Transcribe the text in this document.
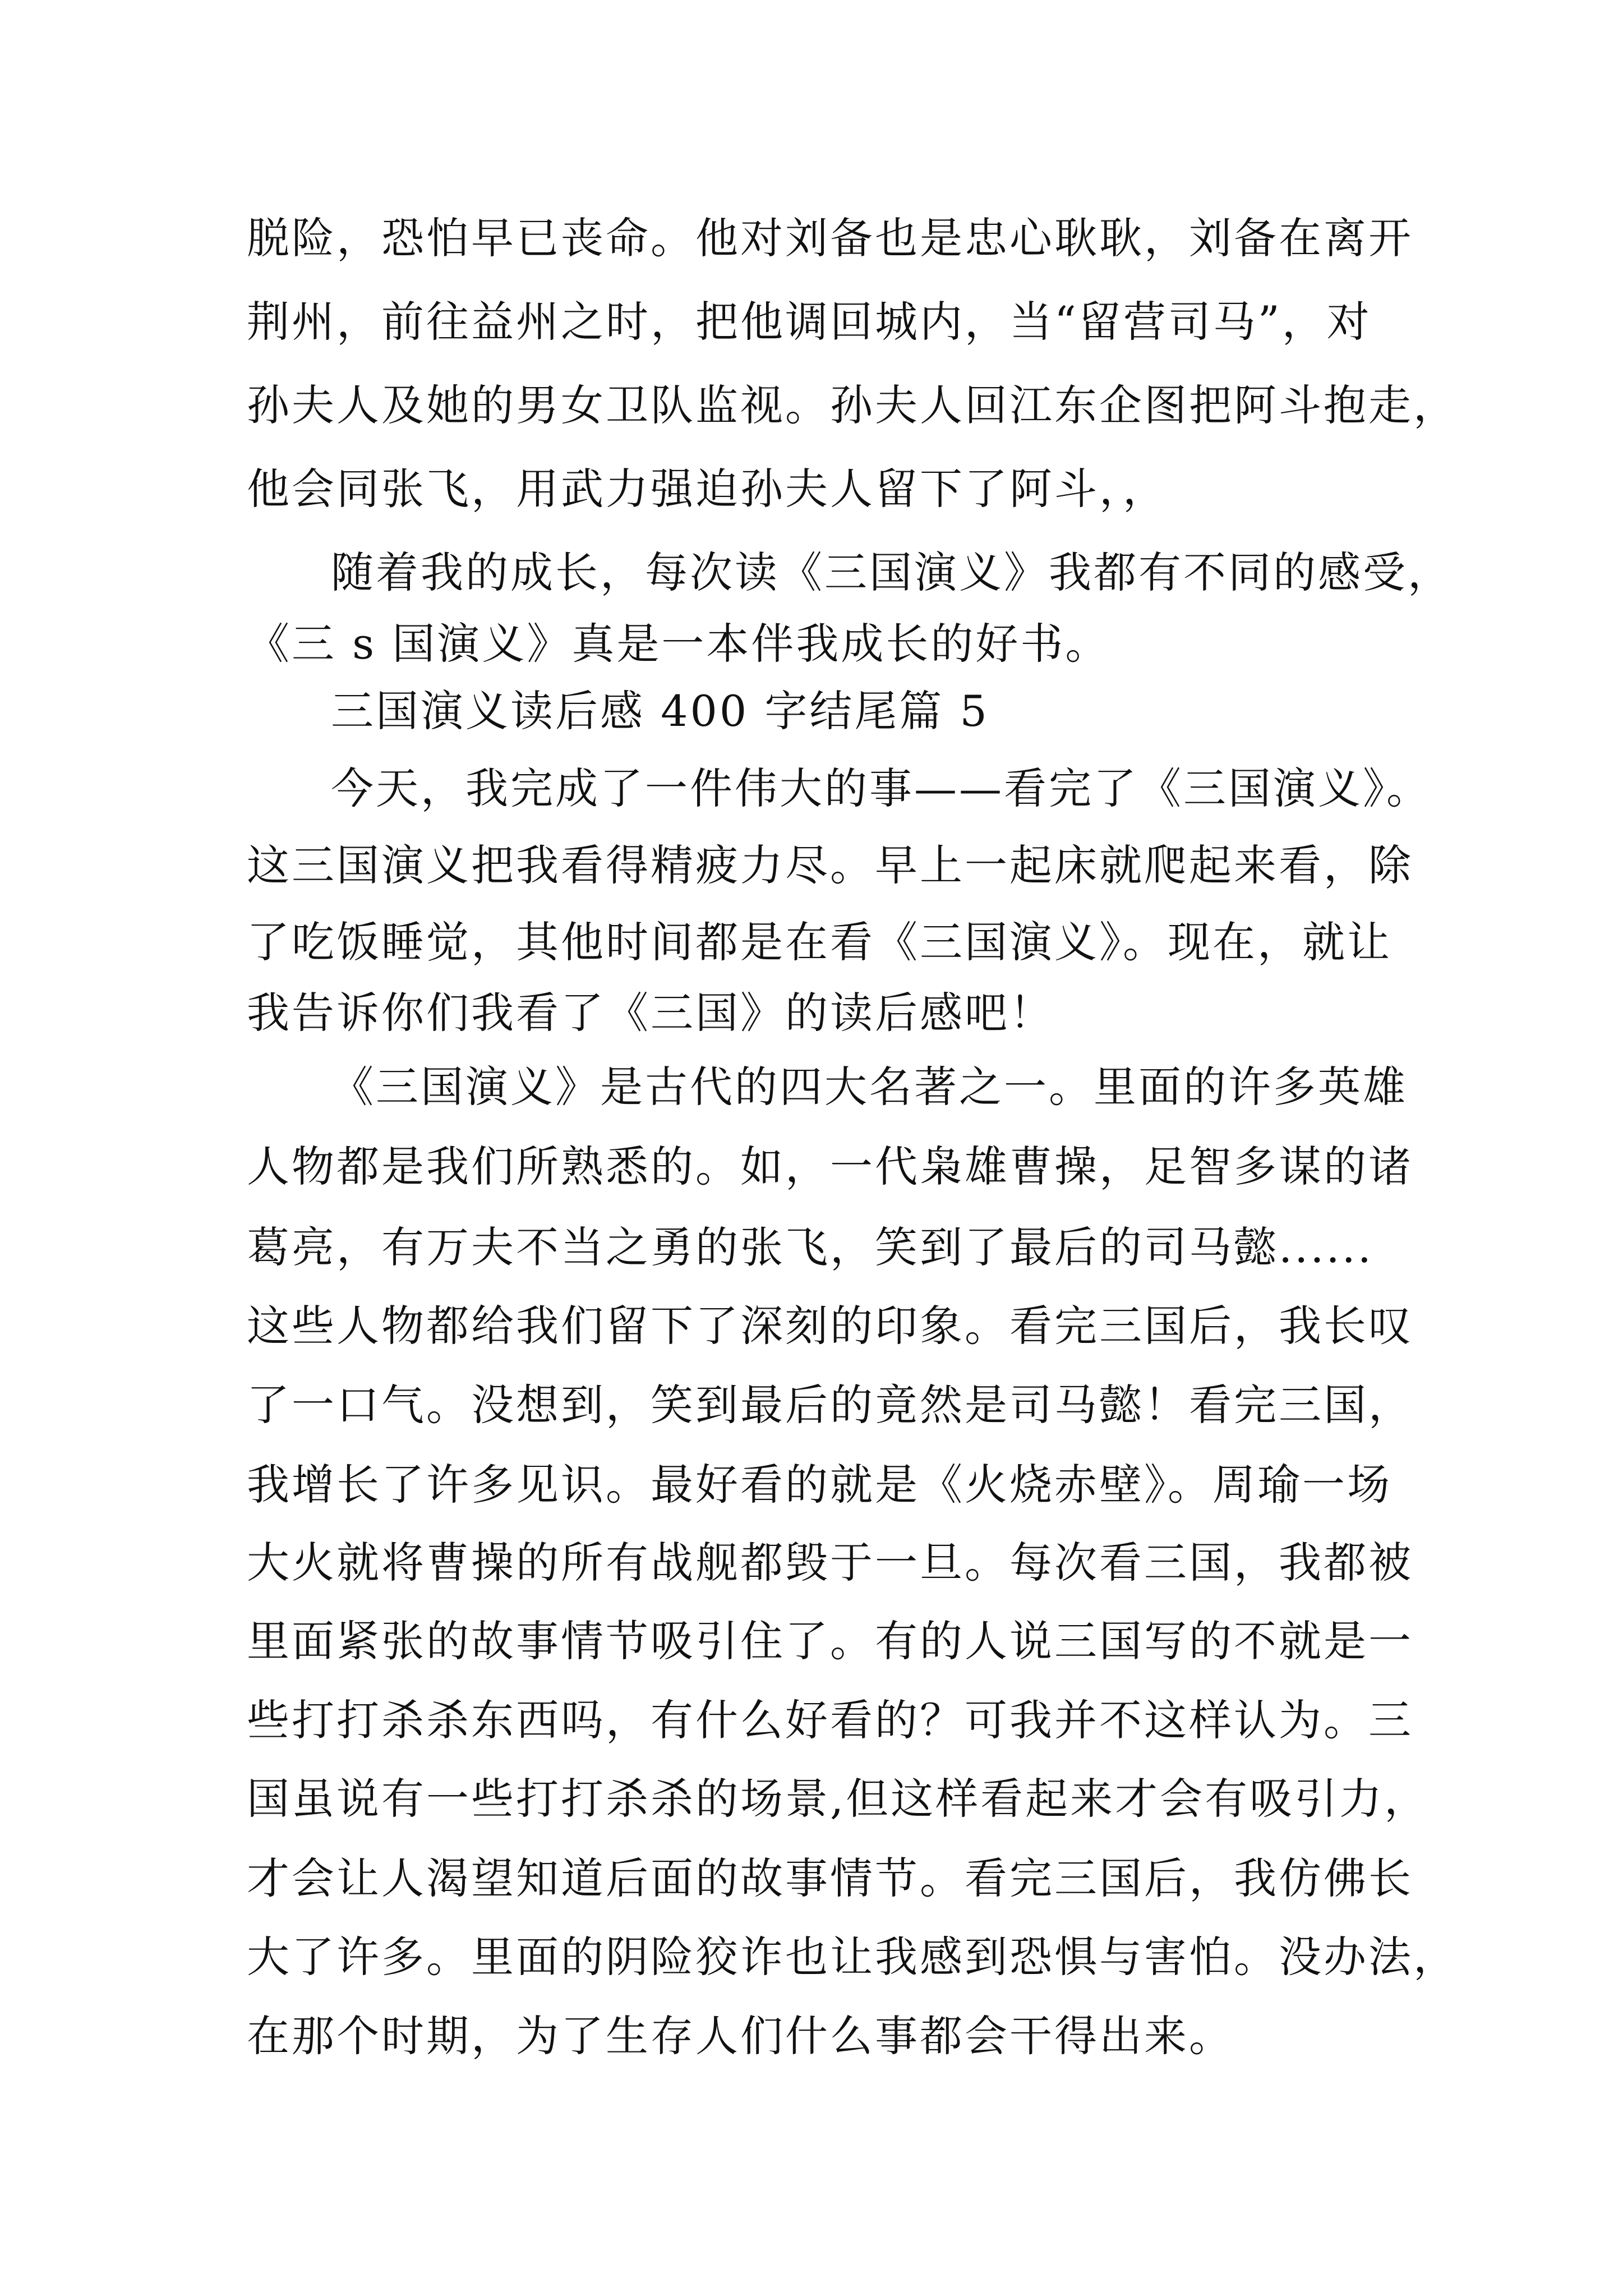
脱险，恐怕早已丧命。他对刘备也是忠心耿耿，刘备在离开
荆州，前往益州之时，把他调回城内，当“留营司马”，对
孙夫人及她的男女卫队监视。孙夫人回江东企图把阿斗抱走，
他会同张飞，用武力强迫孙夫人留下了阿斗，，
随着我的成长，每次读《三国演义》我都有不同的感受，
《三 s 国演义》真是一本伴我成长的好书。
三国演义读后感 400 字结尾篇 5
今天，我完成了一件伟大的事——看完了《三国演义》。
这三国演义把我看得精疲力尽。早上一起床就爬起来看，除
了吃饭睡觉，其他时间都是在看《三国演义》。现在，就让
我告诉你们我看了《三国》的读后感吧！
《三国演义》是古代的四大名著之一。里面的许多英雄
人物都是我们所熟悉的。如，一代枭雄曹操，足智多谋的诸
葛亮，有万夫不当之勇的张飞，笑到了最后的司马懿......
这些人物都给我们留下了深刻的印象。看完三国后，我长叹
了一口气。没想到，笑到最后的竟然是司马懿！看完三国，
我增长了许多见识。最好看的就是《火烧赤壁》。周瑜一场
大火就将曹操的所有战舰都毁于一旦。每次看三国，我都被
里面紧张的故事情节吸引住了。有的人说三国写的不就是一
些打打杀杀东西吗，有什么好看的？可我并不这样认为。三
国虽说有一些打打杀杀的场景,但这样看起来才会有吸引力，
才会让人渴望知道后面的故事情节。看完三国后，我仿佛长
大了许多。里面的阴险狡诈也让我感到恐惧与害怕。没办法，
在那个时期，为了生存人们什么事都会干得出来。
